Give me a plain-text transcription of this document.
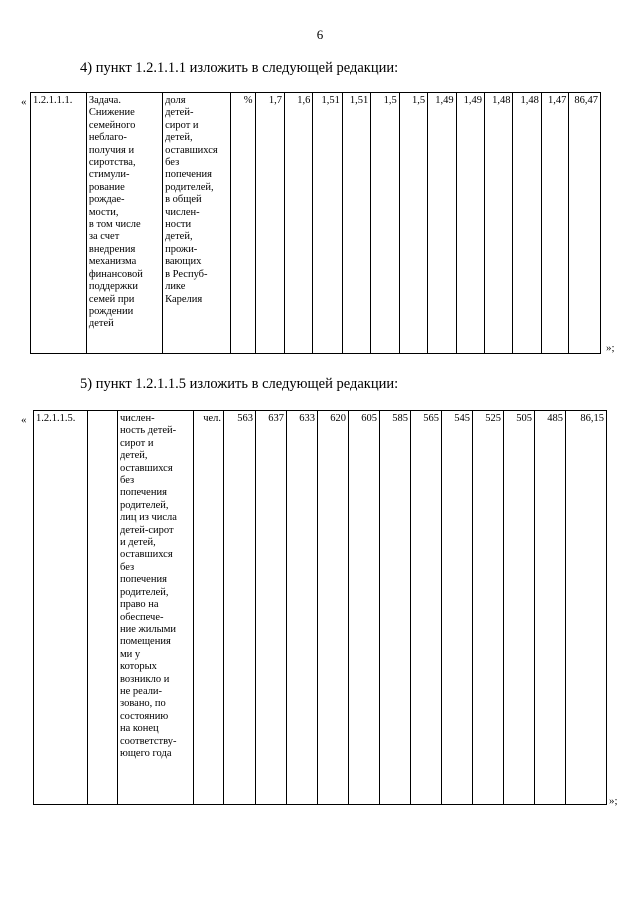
6
4) пункт 1.2.1.1.1 изложить в следующей редакции:
« 1.2.1.1.1.	Задача.
Снижение
семейного
неблаго-
получия и
сиротства,
стимули-
рование
рождае-
мости,
в том числе
за счет
внедрения
механизма
финансовой
поддержки
семей при
рождении
детей	доля
детей-
сирот и
детей,
оставшихся
без
попечения
родителей,
в общей
числен-
ности
детей,
прожи-
вающих
в Респуб-
лике
Карелия	%	1,7	1,6	1,51	1,51	1,5	1,5	1,49	1,49	1,48	1,48	1,47	86,47
»;
5) пункт 1.2.1.1.5 изложить в следующей редакции:
« 1.2.1.1.5.		числен-
ность детей-
сирот и
детей,
оставшихся
без
попечения
родителей,
лиц из числа
детей-сирот
и детей,
оставшихся
без
попечения
родителей,
право на
обеспече-
ние жилыми
помещения
ми у
которых
возникло и
не реали-
зовано, по
состоянию
на конец
соответству-
ющего года	чел.	563	637	633	620	605	585	565	545	525	505	485	86,15
»;
